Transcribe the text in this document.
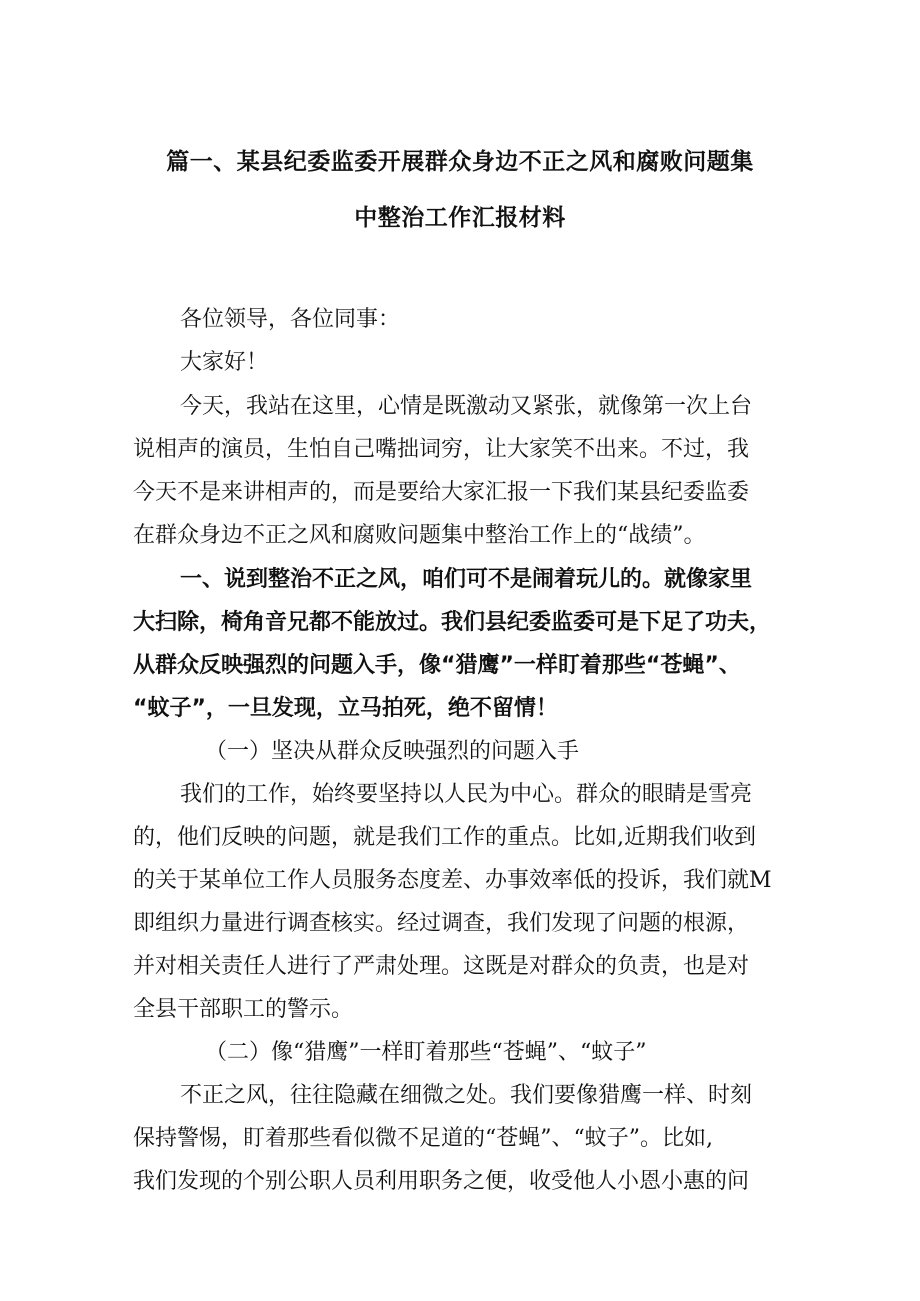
篇一、某县纪委监委开展群众身边不正之风和腐败问题集
中整治工作汇报材料
各位领导，各位同事：
大家好！
今天，我站在这里，心情是既激动又紧张，就像第一次上台
说相声的演员，生怕自己嘴拙词穷，让大家笑不出来。不过，我
今天不是来讲相声的，而是要给大家汇报一下我们某县纪委监委
在群众身边不正之风和腐败问题集中整治工作上的“战绩”。
一、说到整治不正之风，咱们可不是闹着玩儿的。就像家里
大扫除，椅角音兄都不能放过。我们县纪委监委可是下足了功夫，
从群众反映强烈的问题入手，像“猎鹰”一样盯着那些“苍蝇”、
“蚊子”，一旦发现，立马拍死，绝不留情！
（一）坚决从群众反映强烈的问题入手
我们的工作，始终要坚持以人民为中心。群众的眼睛是雪亮
的，他们反映的问题，就是我们工作的重点。比如,近期我们收到
的关于某单位工作人员服务态度差、办事效率低的投诉，我们就M
即组织力量进行调查核实。经过调查，我们发现了问题的根源，
并对相关责任人进行了严肃处理。这既是对群众的负责，也是对
全县干部职工的警示。
（二）像“猎鹰”一样盯着那些“苍蝇”、“蚊子”
不正之风，往往隐藏在细微之处。我们要像猎鹰一样、时刻
保持警惕，盯着那些看似微不足道的“苍蝇”、“蚊子”。比如,
我们发现的个别公职人员利用职务之便，收受他人小恩小惠的问
